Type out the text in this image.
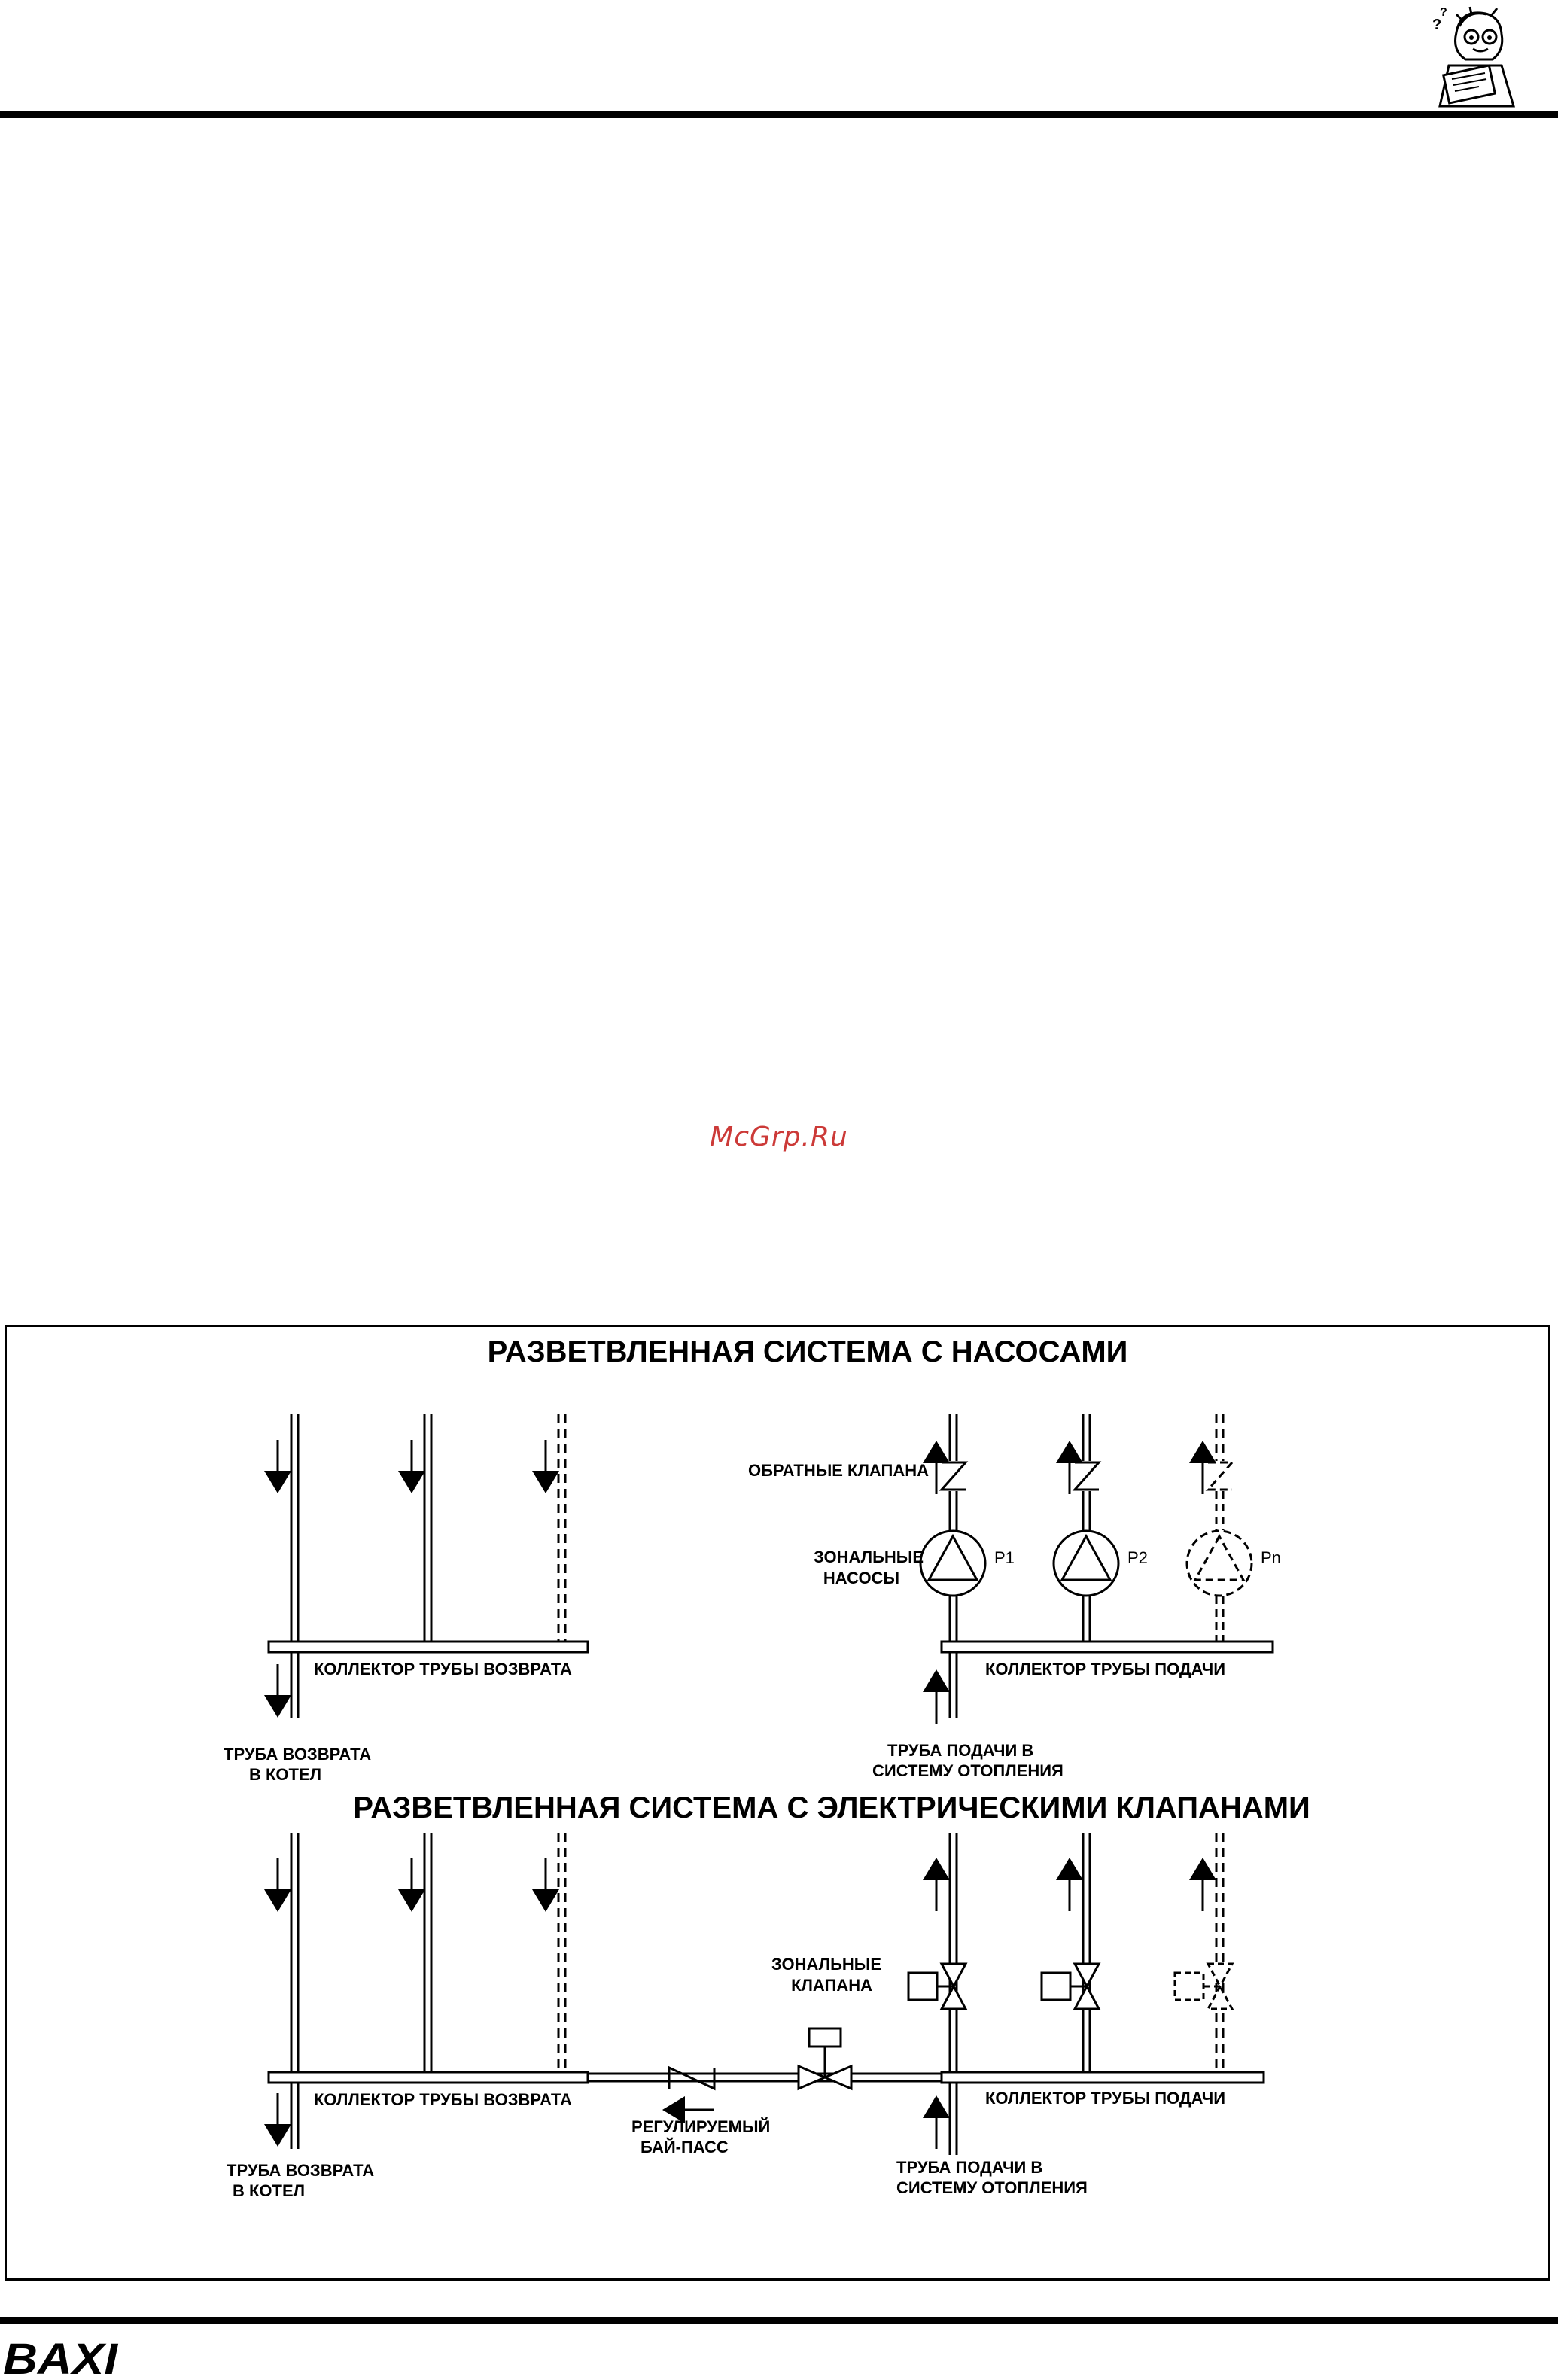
?
?
McGrp.Ru
РАЗВЕТВЛЕННАЯ СИСТЕМА С НАСОСАМИ
ОБРАТНЫЕ КЛАПАНА
ЗОНАЛЬНЫЕ
НАСОСЫ
P1	P2	Pn
КОЛЛЕКТОР ТРУБЫ ВОЗВРАТА	КОЛЛЕКТОР ТРУБЫ ПОДАЧИ
ТРУБА ВОЗВРАТА
В КОТЕЛ
ТРУБА ПОДАЧИ В
СИСТЕМУ ОТОПЛЕНИЯ
РАЗВЕТВЛЕННАЯ СИСТЕМА С ЭЛЕКТРИЧЕСКИМИ КЛАПАНАМИ
ЗОНАЛЬНЫЕ
КЛАПАНА
КОЛЛЕКТОР ТРУБЫ ВОЗВРАТА	КОЛЛЕКТОР ТРУБЫ ПОДАЧИ
РЕГУЛИРУЕМЫЙ
БАЙ-ПАСС
ТРУБА ВОЗВРАТА
В КОТЕЛ
ТРУБА ПОДАЧИ В
СИСТЕМУ ОТОПЛЕНИЯ
BAXI
